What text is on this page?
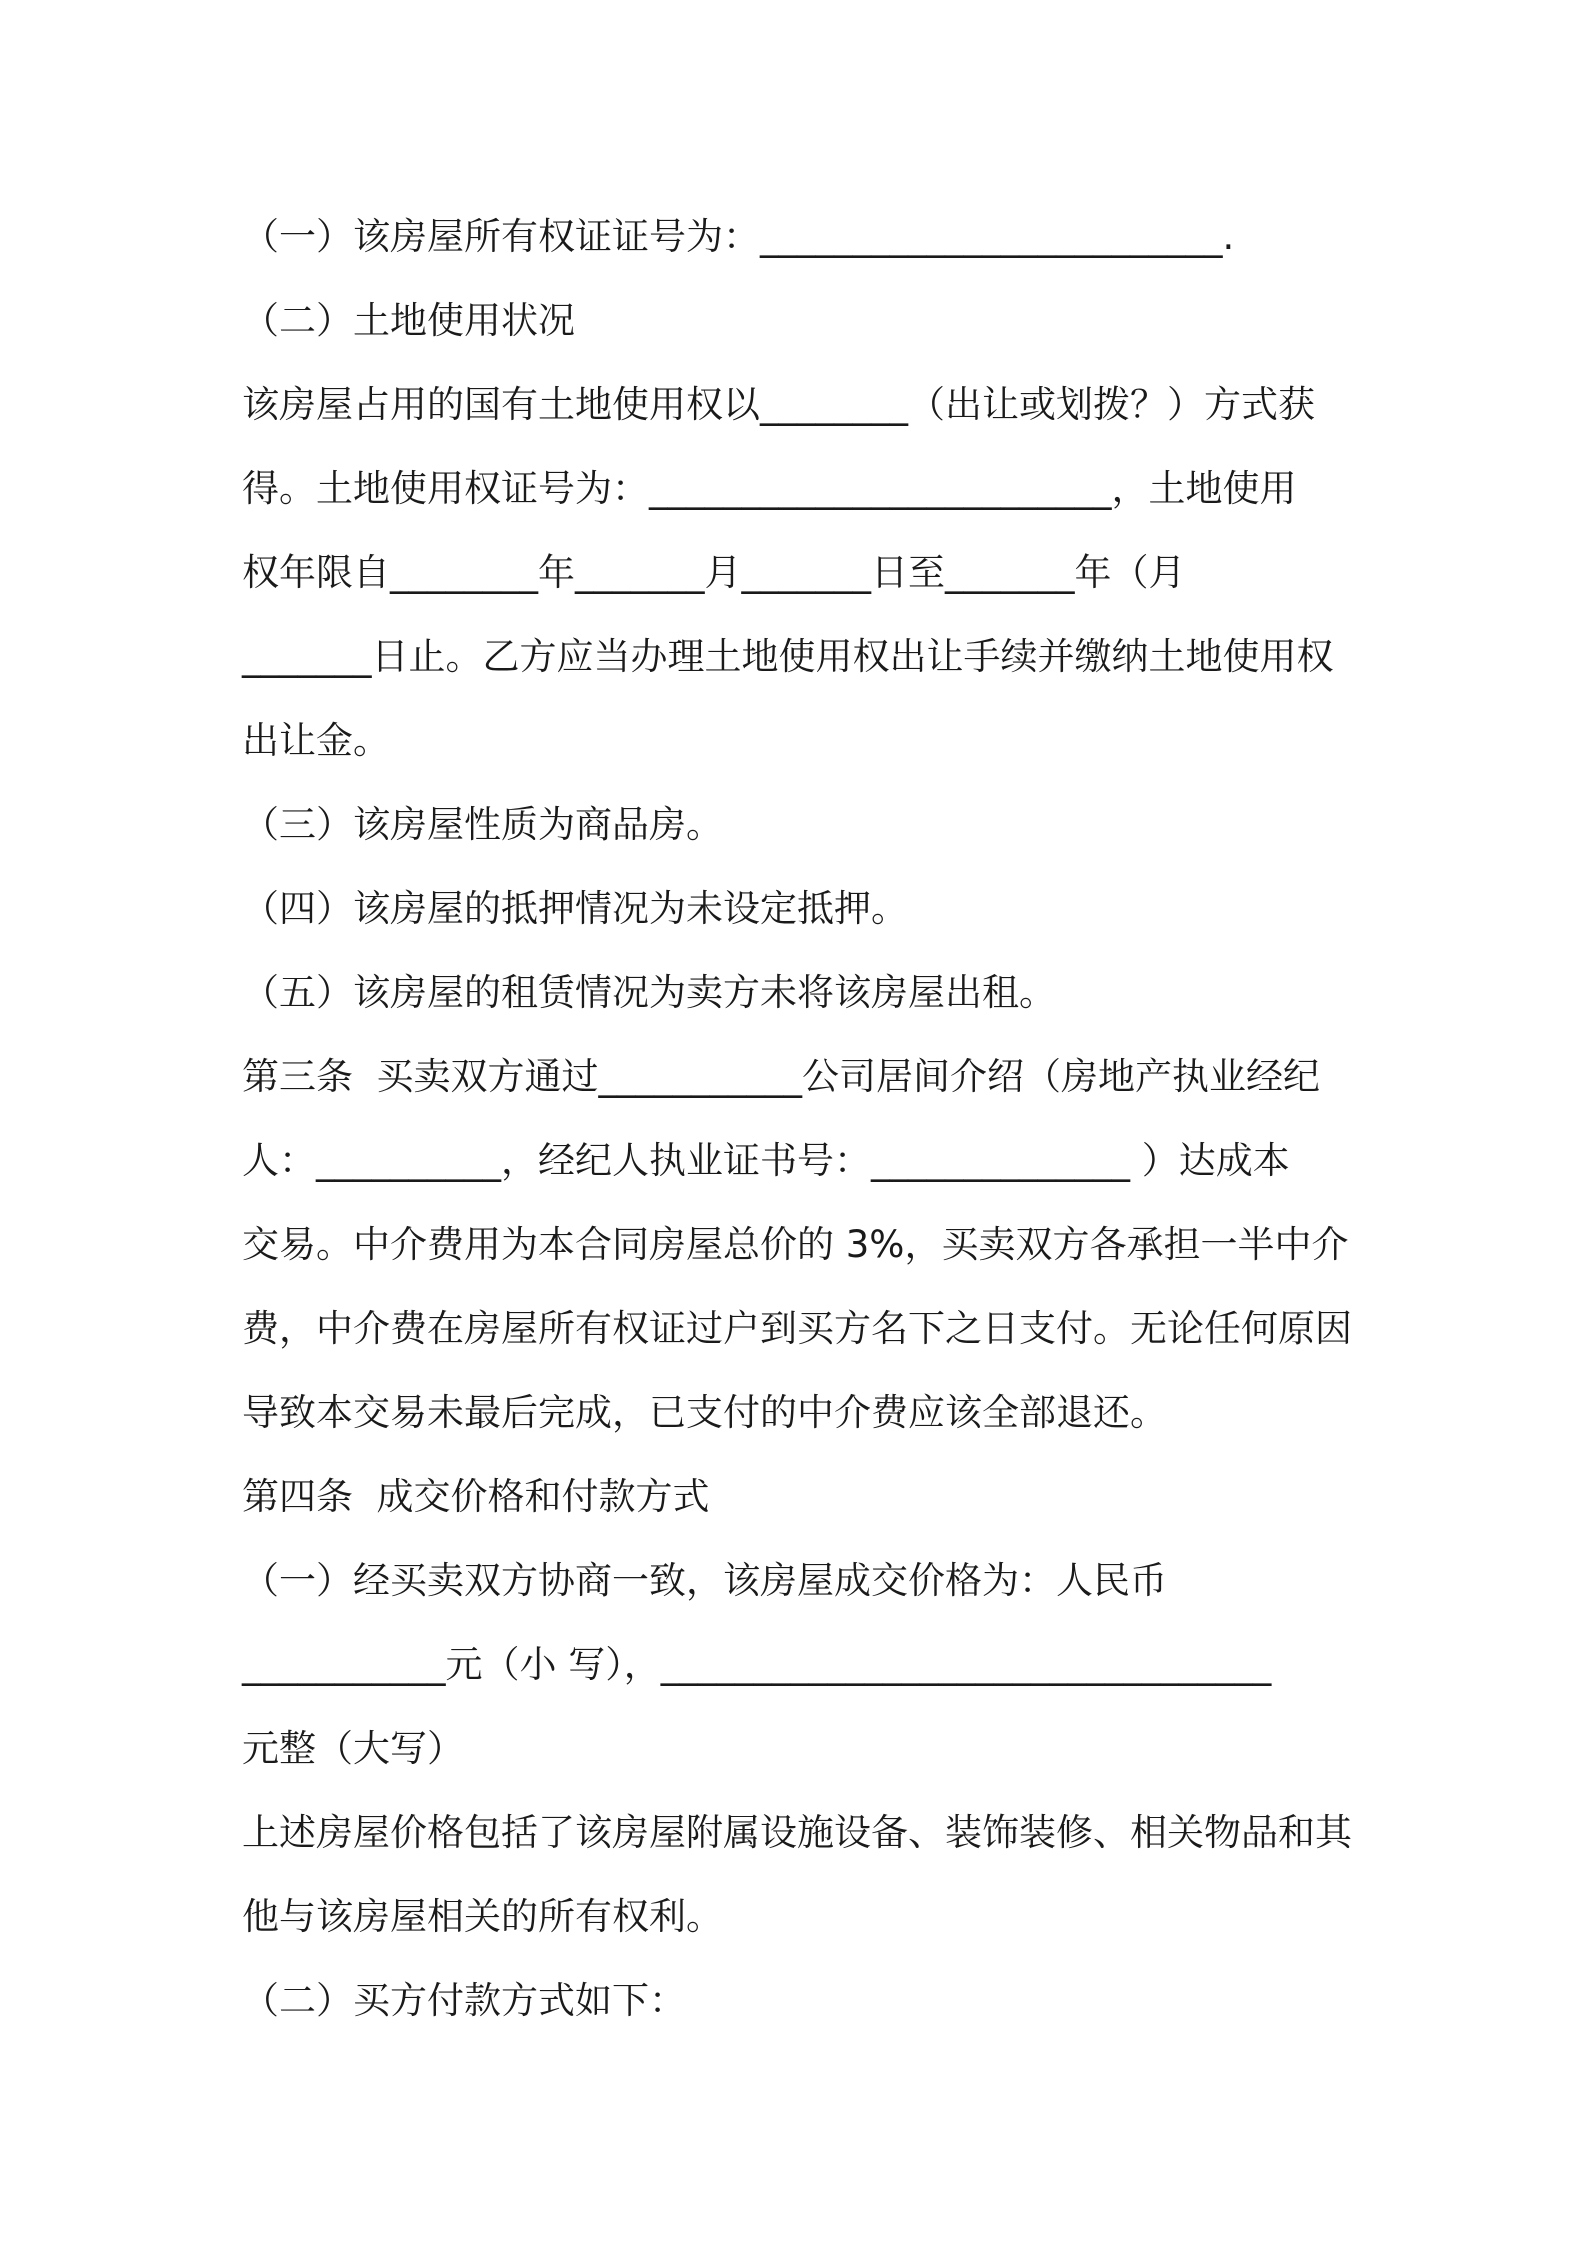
（一）该房屋所有权证证号为：_________________________.
（二）土地使用状况
该房屋占用的国有土地使用权以________（出让或划拨？）方式获
得。土地使用权证号为：_________________________，土地使用
权年限自________年_______月_______日至_______年（月
_______日止。乙方应当办理土地使用权出让手续并缴纳土地使用权
出让金。
（三）该房屋性质为商品房。
（四）该房屋的抵押情况为未设定抵押。
（五）该房屋的租赁情况为卖方未将该房屋出租。
第三条  买卖双方通过___________公司居间介绍（房地产执业经纪
人：__________，经纪人执业证书号：______________ ）达成本
交易。中介费用为本合同房屋总价的 3%，买卖双方各承担一半中介
费，中介费在房屋所有权证过户到买方名下之日支付。无论任何原因
导致本交易未最后完成，已支付的中介费应该全部退还。
第四条  成交价格和付款方式
（一）经买卖双方协商一致，该房屋成交价格为：人民币
___________元（小 写），_________________________________
元整（大写）
上述房屋价格包括了该房屋附属设施设备、装饰装修、相关物品和其
他与该房屋相关的所有权利。
（二）买方付款方式如下：
